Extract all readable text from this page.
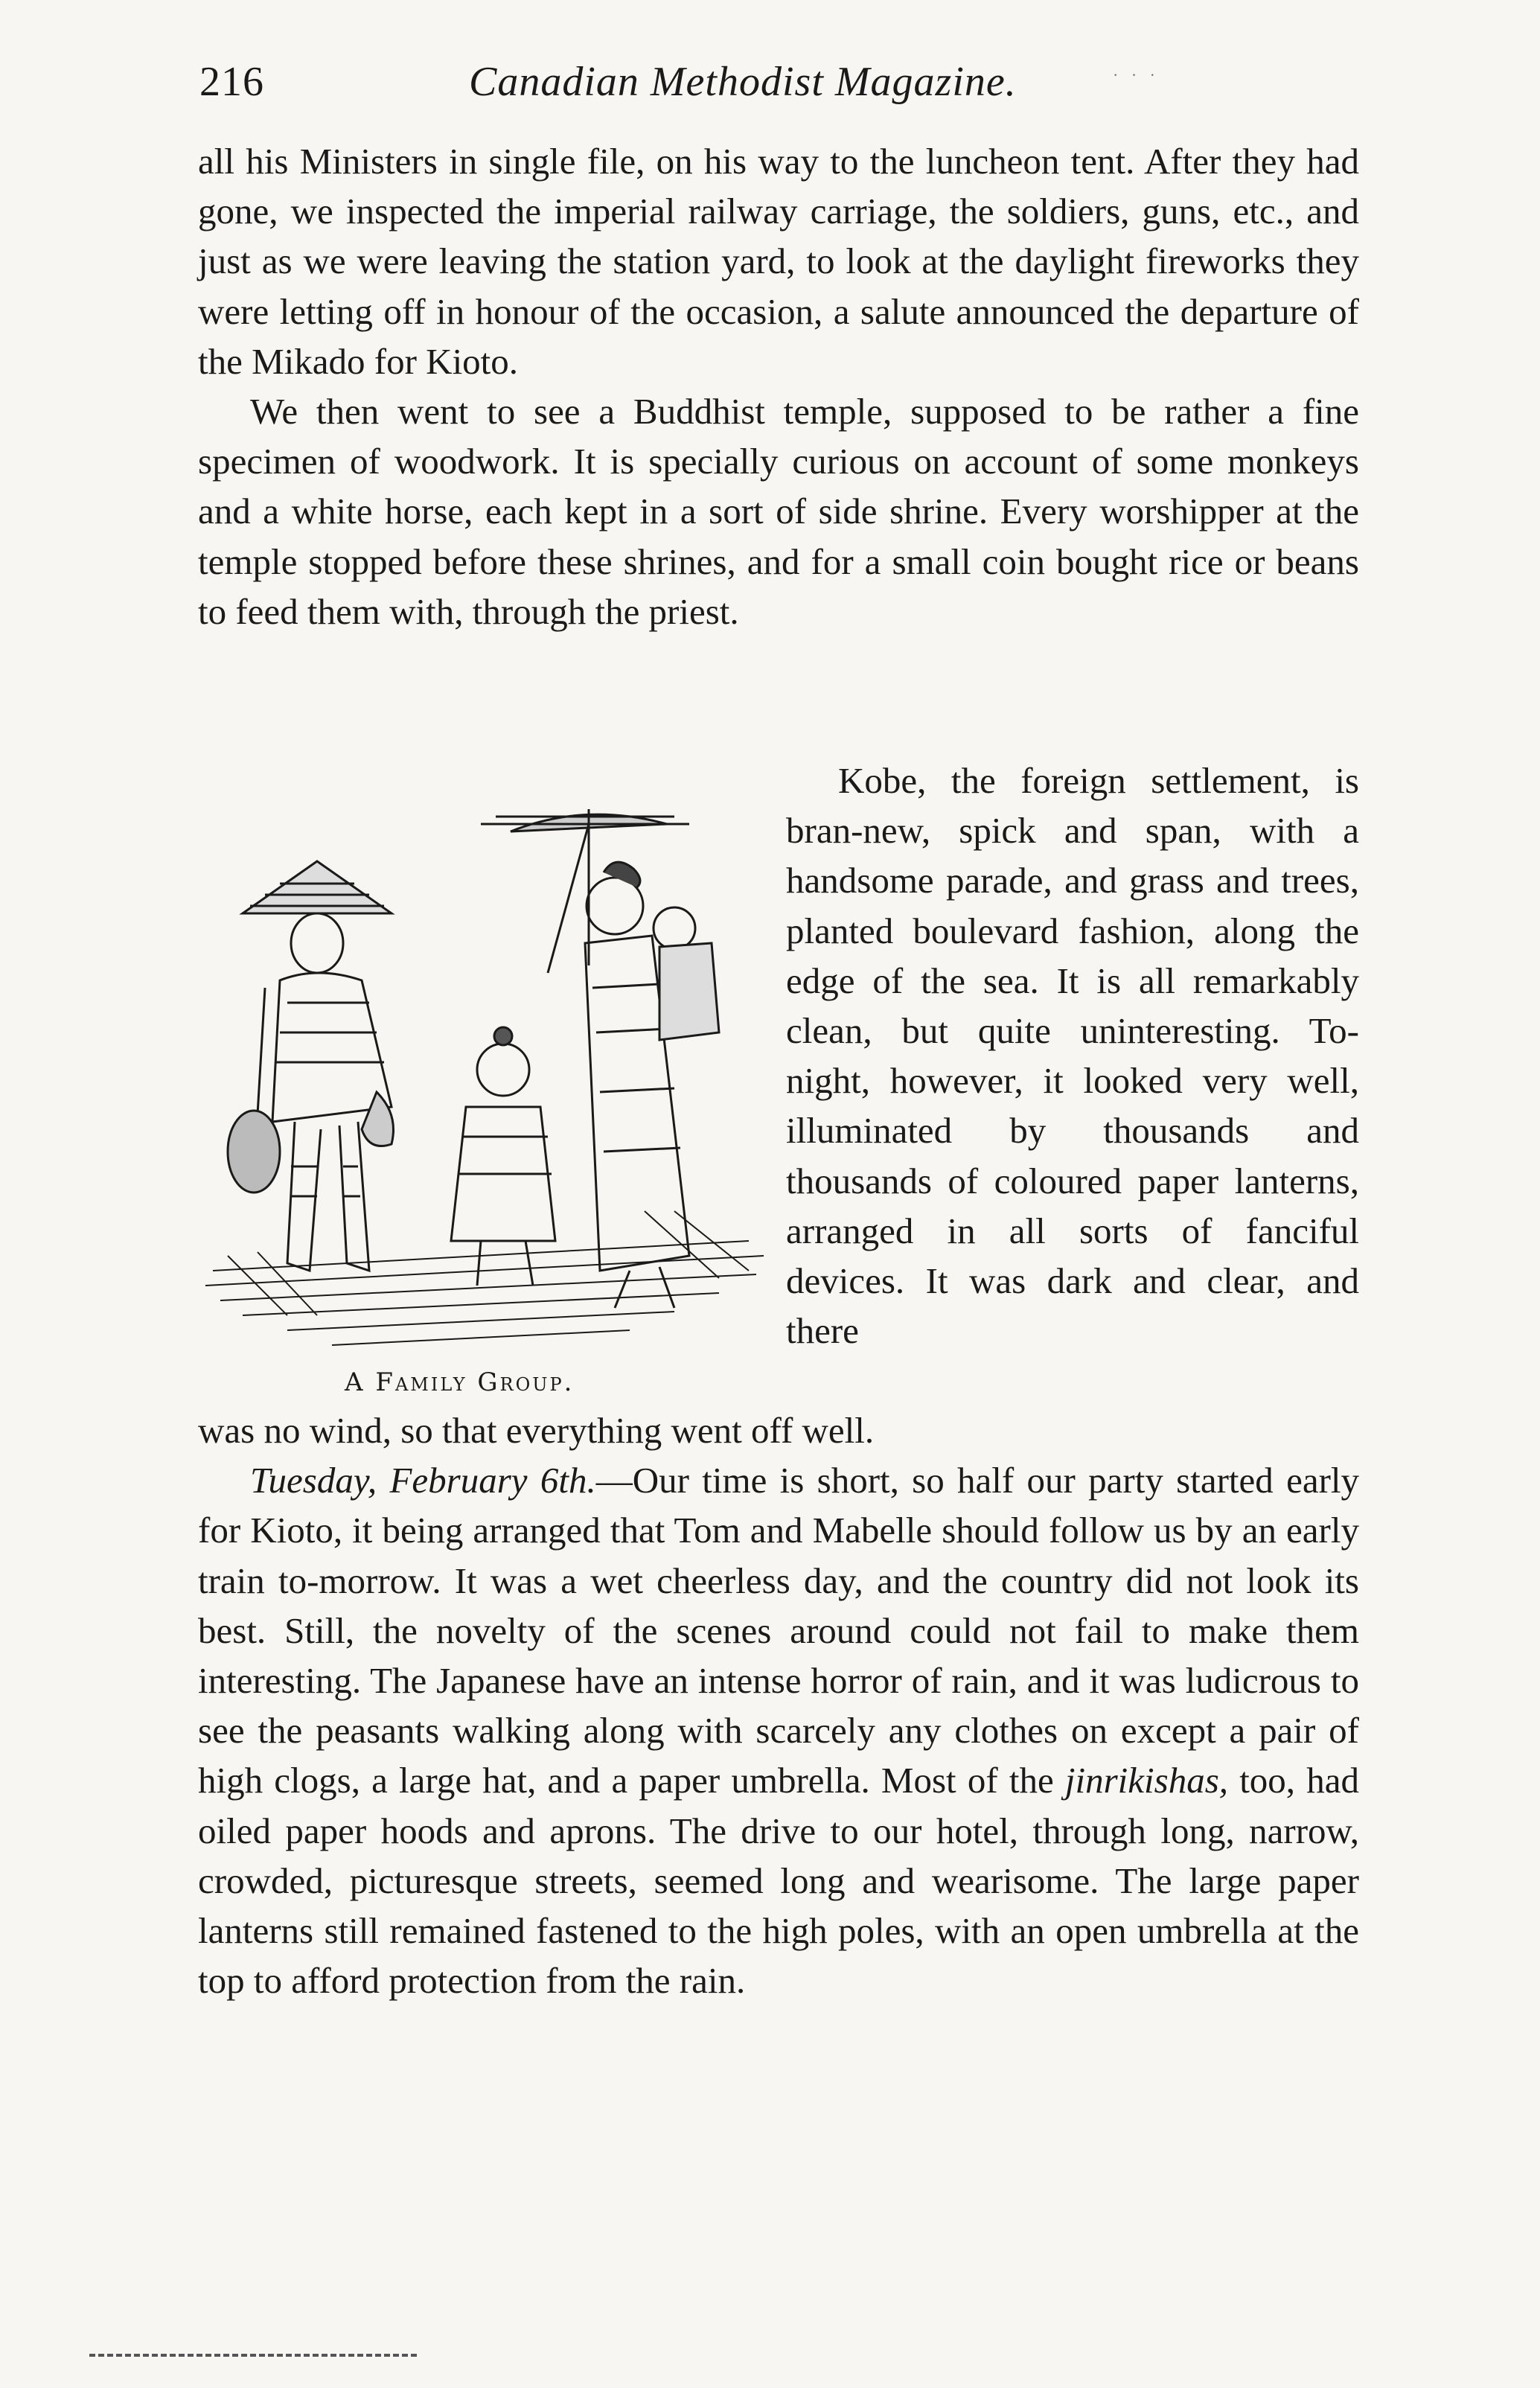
216	Canadian Methodist Magazine.	· · ·

all his Ministers in single file, on his way to the luncheon tent. After they had gone, we inspected the imperial railway carriage, the soldiers, guns, etc., and just as we were leaving the station yard, to look at the daylight fireworks they were letting off in honour of the occasion, a salute announced the departure of the Mikado for Kioto.

We then went to see a Buddhist temple, supposed to be rather a fine specimen of woodwork. It is specially curious on account of some monkeys and a white horse, each kept in a sort of side shrine. Every worshipper at the temple stopped before these shrines, and for a small coin bought rice or beans to feed them with, through the priest.

A Family Group.

Kobe, the foreign settlement, is bran-new, spick and span, with a handsome parade, and grass and trees, planted boulevard fashion, along the edge of the sea. It is all remarkably clean, but quite uninteresting. To-night, however, it looked very well, illuminated by thousands and thousands of coloured paper lanterns, arranged in all sorts of fanciful devices. It was dark and clear, and there

was no wind, so that everything went off well.

Tuesday, February 6th.—Our time is short, so half our party started early for Kioto, it being arranged that Tom and Mabelle should follow us by an early train to-morrow. It was a wet cheerless day, and the country did not look its best. Still, the novelty of the scenes around could not fail to make them interesting. The Japanese have an intense horror of rain, and it was ludicrous to see the peasants walking along with scarcely any clothes on except a pair of high clogs, a large hat, and a paper umbrella. Most of the jinrikishas, too, had oiled paper hoods and aprons. The drive to our hotel, through long, narrow, crowded, picturesque streets, seemed long and wearisome. The large paper lanterns still remained fastened to the high poles, with an open umbrella at the top to afford protection from the rain.
